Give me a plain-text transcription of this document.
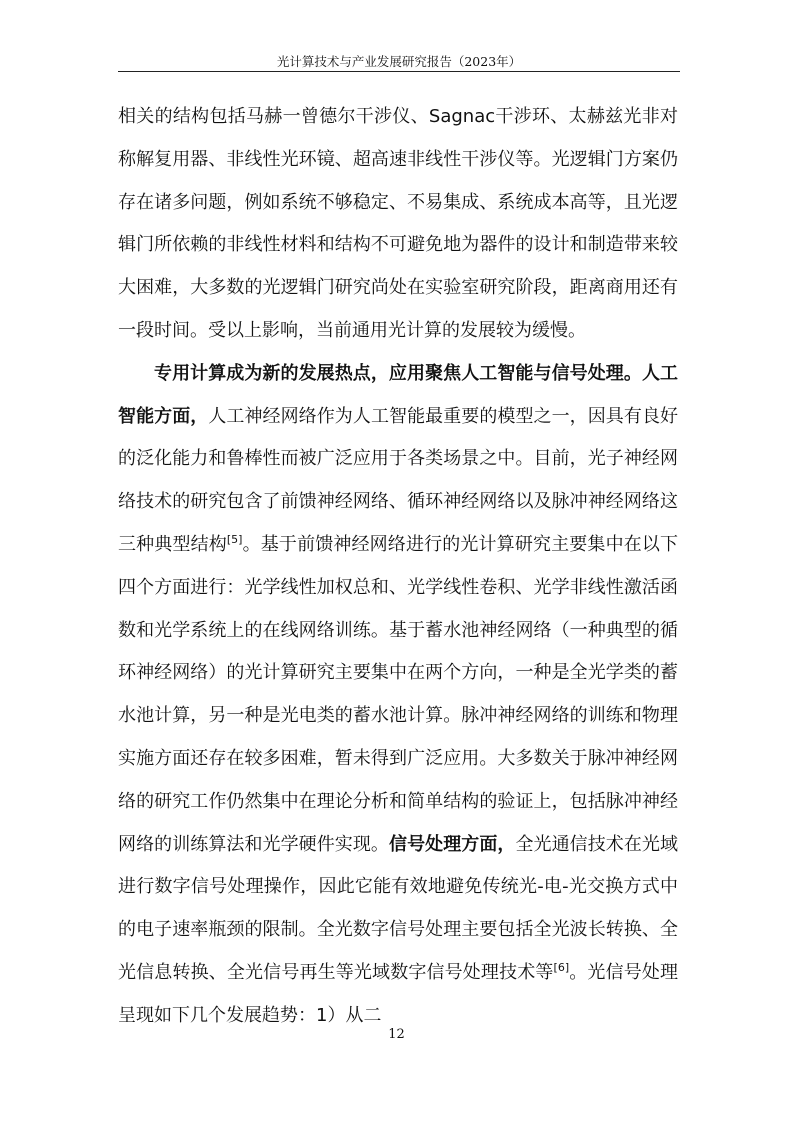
光计算技术与产业发展研究报告（2023年）

相关的结构包括马赫一曾德尔干涉仪、Sagnac干涉环、太赫兹光非对称解复用器、非线性光环镜、超高速非线性干涉仪等。光逻辑门方案仍存在诸多问题，例如系统不够稳定、不易集成、系统成本高等，且光逻辑门所依赖的非线性材料和结构不可避免地为器件的设计和制造带来较大困难，大多数的光逻辑门研究尚处在实验室研究阶段，距离商用还有一段时间。受以上影响，当前通用光计算的发展较为缓慢。

专用计算成为新的发展热点，应用聚焦人工智能与信号处理。人工智能方面，人工神经网络作为人工智能最重要的模型之一，因具有良好的泛化能力和鲁棒性而被广泛应用于各类场景之中。目前，光子神经网络技术的研究包含了前馈神经网络、循环神经网络以及脉冲神经网络这三种典型结构[5]。基于前馈神经网络进行的光计算研究主要集中在以下四个方面进行：光学线性加权总和、光学线性卷积、光学非线性激活函数和光学系统上的在线网络训练。基于蓄水池神经网络（一种典型的循环神经网络）的光计算研究主要集中在两个方向，一种是全光学类的蓄水池计算，另一种是光电类的蓄水池计算。脉冲神经网络的训练和物理实施方面还存在较多困难，暂未得到广泛应用。大多数关于脉冲神经网络的研究工作仍然集中在理论分析和简单结构的验证上，包括脉冲神经网络的训练算法和光学硬件实现。信号处理方面，全光通信技术在光域进行数字信号处理操作，因此它能有效地避免传统光-电-光交换方式中的电子速率瓶颈的限制。全光数字信号处理主要包括全光波长转换、全光信息转换、全光信号再生等光域数字信号处理技术等[6]。光信号处理呈现如下几个发展趋势：1）从二

12
